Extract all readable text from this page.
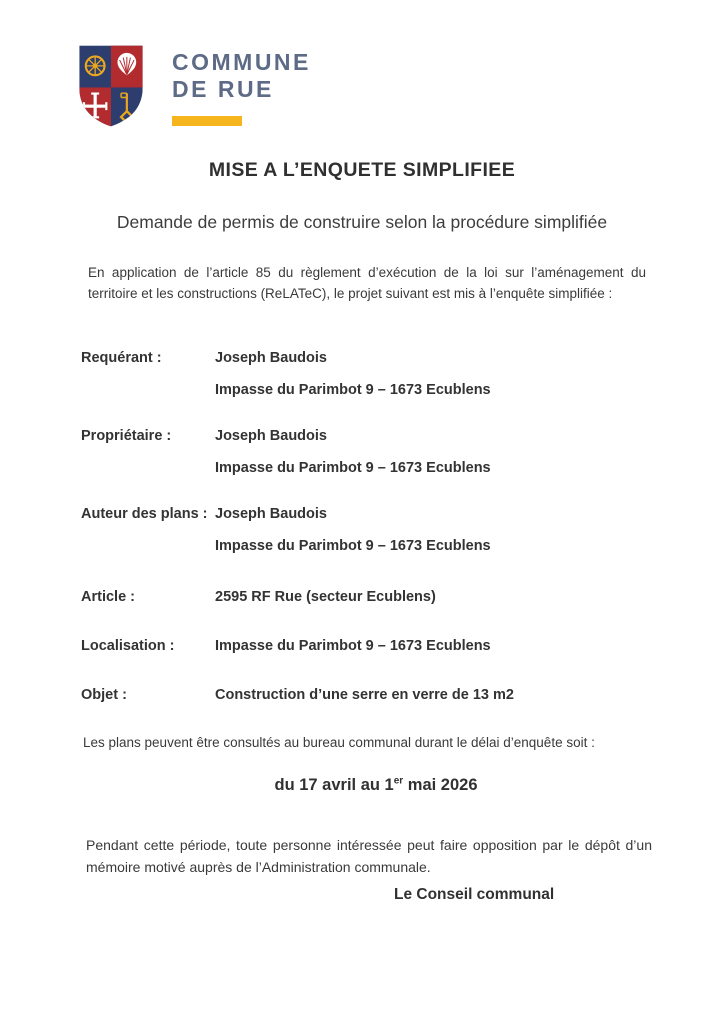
COMMUNE
DE RUE
MISE A L’ENQUETE SIMPLIFIEE
Demande de permis de construire selon la procédure simplifiée
En application de l’article 85 du règlement d’exécution de la loi sur l’aménagement du territoire et les constructions (ReLATeC), le projet suivant est mis à l’enquête simplifiée :
Requérant :	Joseph Baudois
Impasse du Parimbot 9 – 1673 Ecublens
Propriétaire :	Joseph Baudois
Impasse du Parimbot 9 – 1673 Ecublens
Auteur des plans : Joseph Baudois
Impasse du Parimbot 9 – 1673 Ecublens
Article :	2595 RF Rue (secteur Ecublens)
Localisation :	Impasse du Parimbot 9 – 1673 Ecublens
Objet :	Construction d’une serre en verre de 13 m2
Les plans peuvent être consultés au bureau communal durant le délai d’enquête soit :
du 17 avril au 1er mai 2026
Pendant cette période, toute personne intéressée peut faire opposition par le dépôt d’un mémoire motivé auprès de l’Administration communale.
Le Conseil communal
